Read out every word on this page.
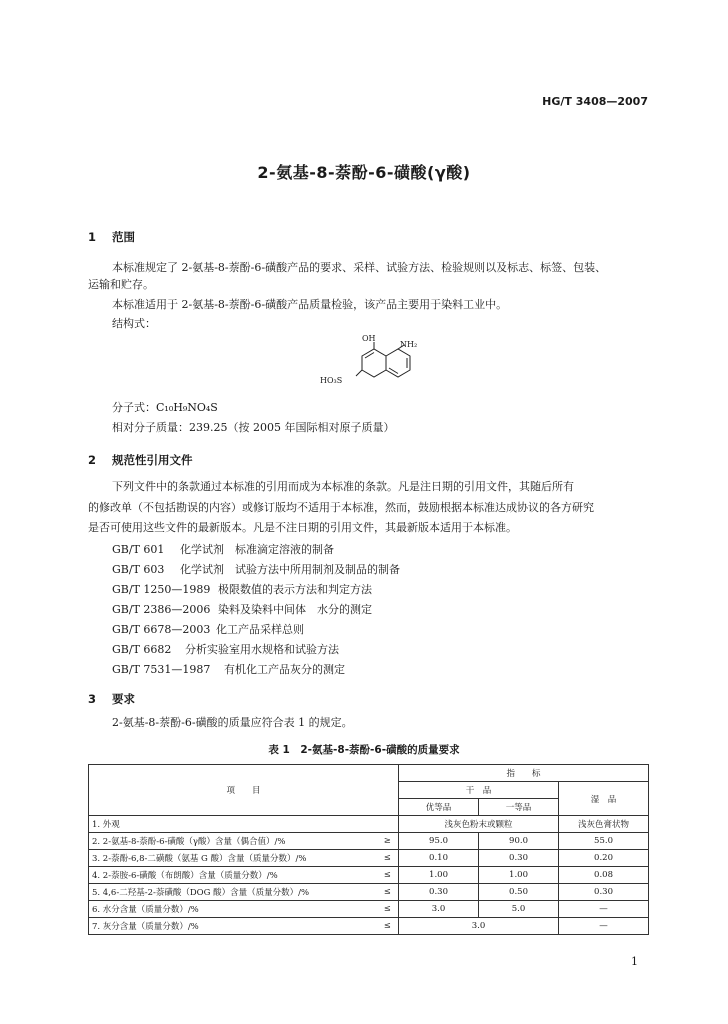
HG/T 3408—2007
2-氨基-8-萘酚-6-磺酸(γ酸)
1 范围
本标准规定了 2-氨基-8-萘酚-6-磺酸产品的要求、采样、试验方法、检验规则以及标志、标签、包装、
运输和贮存。
本标准适用于 2-氨基-8-萘酚-6-磺酸产品质量检验，该产品主要用于染料工业中。
结构式：
OH
NH₂
HO₃S
分子式：C₁₀H₉NO₄S
相对分子质量：239.25（按 2005 年国际相对原子质量）
2 规范性引用文件
下列文件中的条款通过本标准的引用而成为本标准的条款。凡是注日期的引用文件，其随后所有
的修改单（不包括勘误的内容）或修订版均不适用于本标准，然而，鼓励根据本标准达成协议的各方研究
是否可使用这些文件的最新版本。凡是不注日期的引用文件，其最新版本适用于本标准。
GB/T 601 化学试剂　标准滴定溶液的制备
GB/T 603 化学试剂　试验方法中所用制剂及制品的制备
GB/T 1250—1989 极限数值的表示方法和判定方法
GB/T 2386—2006 染料及染料中间体　水分的测定
GB/T 6678—2003 化工产品采样总则
GB/T 6682 分析实验室用水规格和试验方法
GB/T 7531—1987 有机化工产品灰分的测定
3 要求
2-氨基-8-萘酚-6-磺酸的质量应符合表 1 的规定。
表 1　2-氨基-8-萘酚-6-磺酸的质量要求
项　　目		指　　标		
		干　品		湿　品
		优等品	一等品	
1. 外观		浅灰色粉末或颗粒		浅灰色膏状物
2. 2-氨基-8-萘酚-6-磺酸（γ酸）含量（偶合值）/%	≥	95.0	90.0	55.0
3. 2-萘酚-6,8-二磺酸（氨基 G 酸）含量（质量分数）/%	≤	0.10	0.30	0.20
4. 2-萘胺-6-磺酸（布朗酸）含量（质量分数）/%	≤	1.00	1.00	0.08
5. 4,6-二羟基-2-萘磺酸（DOG 酸）含量（质量分数）/%	≤	0.30	0.50	0.30
6. 水分含量（质量分数）/%	≤	3.0	5.0	—
7. 灰分含量（质量分数）/%	≤	3.0		—
1
